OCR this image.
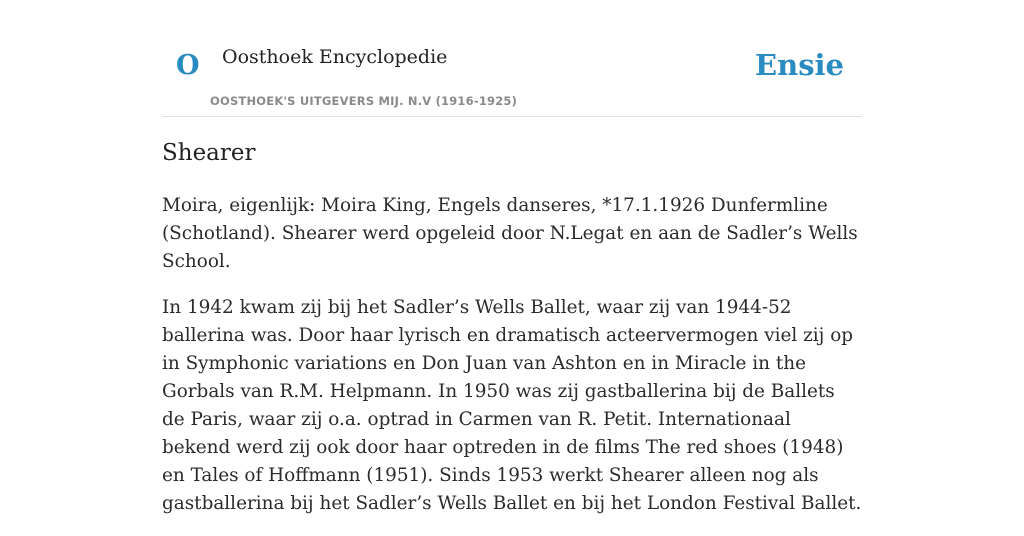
O Oosthoek Encyclopedie
OOSTHOEK'S UITGEVERS MIJ. N.V (1916-1925)
Ensie
Shearer

Moira, eigenlijk: Moira King, Engels danseres, *17.1.1926 Dunfermline (Schotland). Shearer werd opgeleid door N.Legat en aan de Sadler’s Wells School.

In 1942 kwam zij bij het Sadler’s Wells Ballet, waar zij van 1944-52 ballerina was. Door haar lyrisch en dramatisch acteervermogen viel zij op in Symphonic variations en Don Juan van Ashton en in Miracle in the Gorbals van R.M. Helpmann. In 1950 was zij gastballerina bij de Ballets de Paris, waar zij o.a. optrad in Carmen van R. Petit. Internationaal bekend werd zij ook door haar optreden in de films The red shoes (1948) en Tales of Hoffmann (1951). Sinds 1953 werkt Shearer alleen nog als gastballerina bij het Sadler’s Wells Ballet en bij het London Festival Ballet.
